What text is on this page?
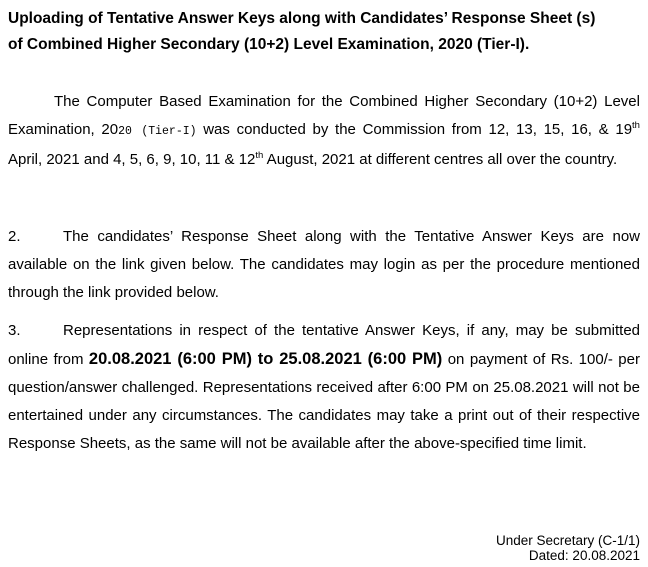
Uploading of Tentative Answer Keys along with Candidates’ Response Sheet (s)
of Combined Higher Secondary (10+2) Level Examination, 2020 (Tier-I).
The Computer Based Examination for the Combined Higher Secondary (10+2) Level Examination, 2020 (Tier-I) was conducted by the Commission from 12, 13, 15, 16, & 19th April, 2021 and 4, 5, 6, 9, 10, 11 & 12th August, 2021 at different centres all over the country.
2.	The candidates’ Response Sheet along with the Tentative Answer Keys are now available on the link given below. The candidates may login as per the procedure mentioned through the link provided below.
3.	Representations in respect of the tentative Answer Keys, if any, may be submitted online from 20.08.2021 (6:00 PM) to 25.08.2021 (6:00 PM) on payment of Rs. 100/- per question/answer challenged. Representations received after 6:00 PM on 25.08.2021 will not be entertained under any circumstances. The candidates may take a print out of their respective Response Sheets, as the same will not be available after the above-specified time limit.
Under Secretary (C-1/1)
Dated: 20.08.2021
